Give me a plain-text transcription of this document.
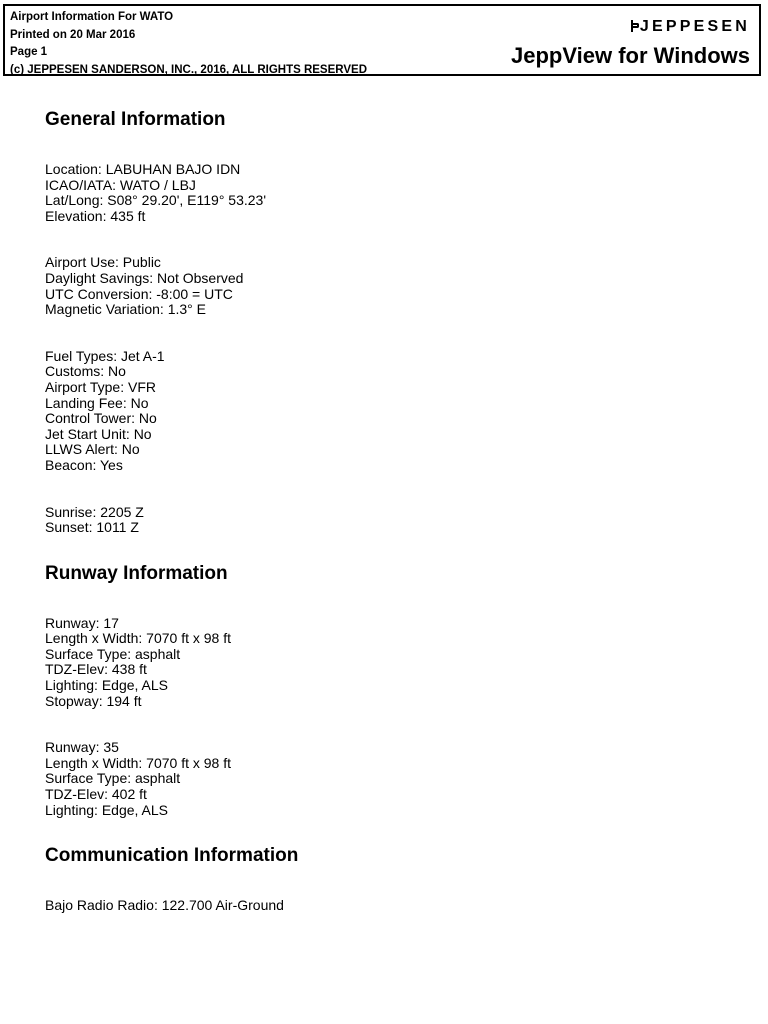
Airport Information For WATO
Printed on 20 Mar 2016
Page 1
(c) JEPPESEN SANDERSON, INC., 2016, ALL RIGHTS RESERVED
JEPPESEN
JeppView for Windows
General Information
Location: LABUHAN BAJO IDN
ICAO/IATA: WATO / LBJ
Lat/Long: S08° 29.20', E119° 53.23'
Elevation: 435 ft
Airport Use: Public
Daylight Savings: Not Observed
UTC Conversion: -8:00 = UTC
Magnetic Variation: 1.3° E
Fuel Types: Jet A-1
Customs: No
Airport Type: VFR
Landing Fee: No
Control Tower: No
Jet Start Unit: No
LLWS Alert: No
Beacon: Yes
Sunrise: 2205 Z
Sunset: 1011 Z
Runway Information
Runway: 17
Length x Width: 7070 ft x 98 ft
Surface Type: asphalt
TDZ-Elev: 438 ft
Lighting: Edge, ALS
Stopway: 194 ft
Runway: 35
Length x Width: 7070 ft x 98 ft
Surface Type: asphalt
TDZ-Elev: 402 ft
Lighting: Edge, ALS
Communication Information
Bajo Radio Radio: 122.700 Air-Ground
